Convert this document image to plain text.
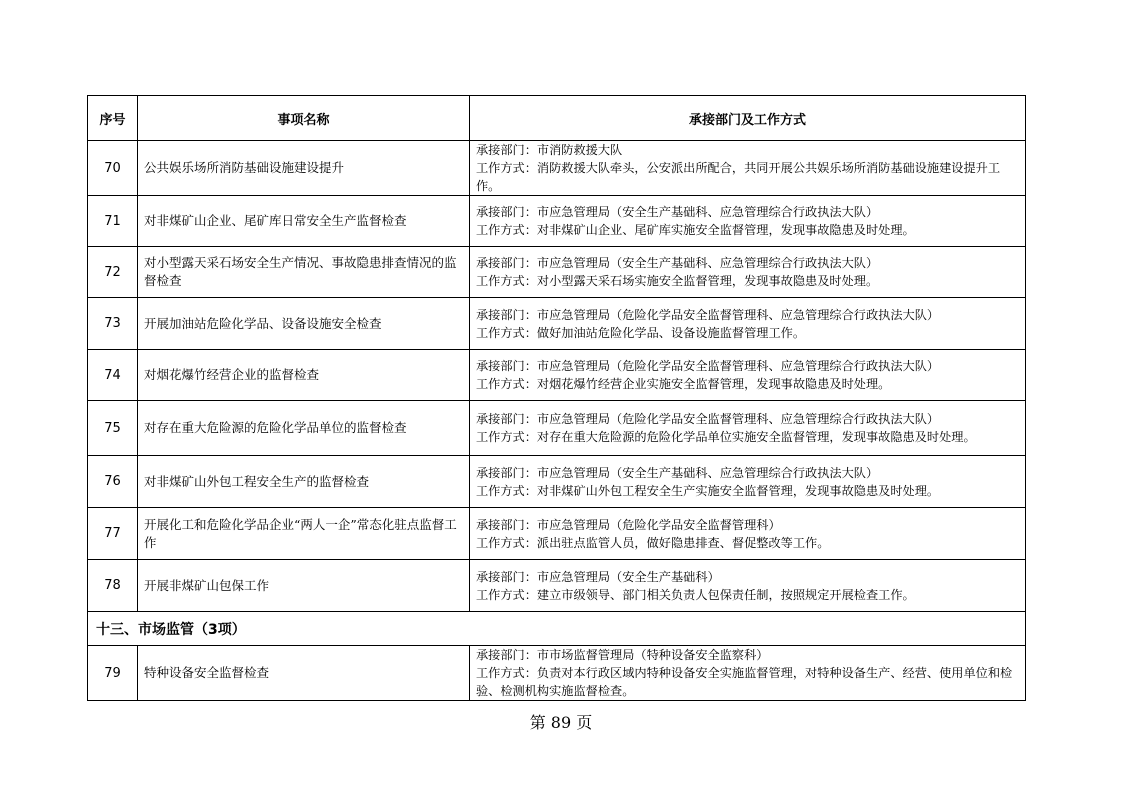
序号	事项名称	承接部门及工作方式
70	公共娱乐场所消防基础设施建设提升	承接部门：市消防救援大队
工作方式：消防救援大队牵头，公安派出所配合，共同开展公共娱乐场所消防基础设施建设提升工作。

71	对非煤矿山企业、尾矿库日常安全生产监督检查	承接部门：市应急管理局（安全生产基础科、应急管理综合行政执法大队）
工作方式：对非煤矿山企业、尾矿库实施安全监督管理，发现事故隐患及时处理。

72	对小型露天采石场安全生产情况、事故隐患排查情况的监督检查	承接部门：市应急管理局（安全生产基础科、应急管理综合行政执法大队）
工作方式：对小型露天采石场实施安全监督管理，发现事故隐患及时处理。

73	开展加油站危险化学品、设备设施安全检查	承接部门：市应急管理局（危险化学品安全监督管理科、应急管理综合行政执法大队）
工作方式：做好加油站危险化学品、设备设施监督管理工作。

74	对烟花爆竹经营企业的监督检查	承接部门：市应急管理局（危险化学品安全监督管理科、应急管理综合行政执法大队）
工作方式：对烟花爆竹经营企业实施安全监督管理，发现事故隐患及时处理。

75	对存在重大危险源的危险化学品单位的监督检查	承接部门：市应急管理局（危险化学品安全监督管理科、应急管理综合行政执法大队）
工作方式：对存在重大危险源的危险化学品单位实施安全监督管理，发现事故隐患及时处理。

76	对非煤矿山外包工程安全生产的监督检查	承接部门：市应急管理局（安全生产基础科、应急管理综合行政执法大队）
工作方式：对非煤矿山外包工程安全生产实施安全监督管理，发现事故隐患及时处理。

77	开展化工和危险化学品企业“两人一企”常态化驻点监督工作	承接部门：市应急管理局（危险化学品安全监督管理科）
工作方式：派出驻点监管人员，做好隐患排查、督促整改等工作。

78	开展非煤矿山包保工作	承接部门：市应急管理局（安全生产基础科）
工作方式：建立市级领导、部门相关负责人包保责任制，按照规定开展检查工作。

十三、市场监管（3项）		
79	特种设备安全监督检查	承接部门：市市场监督管理局（特种设备安全监察科）
工作方式：负责对本行政区域内特种设备安全实施监督管理，对特种设备生产、经营、使用单位和检验、检测机构实施监督检查。
第 89 页
